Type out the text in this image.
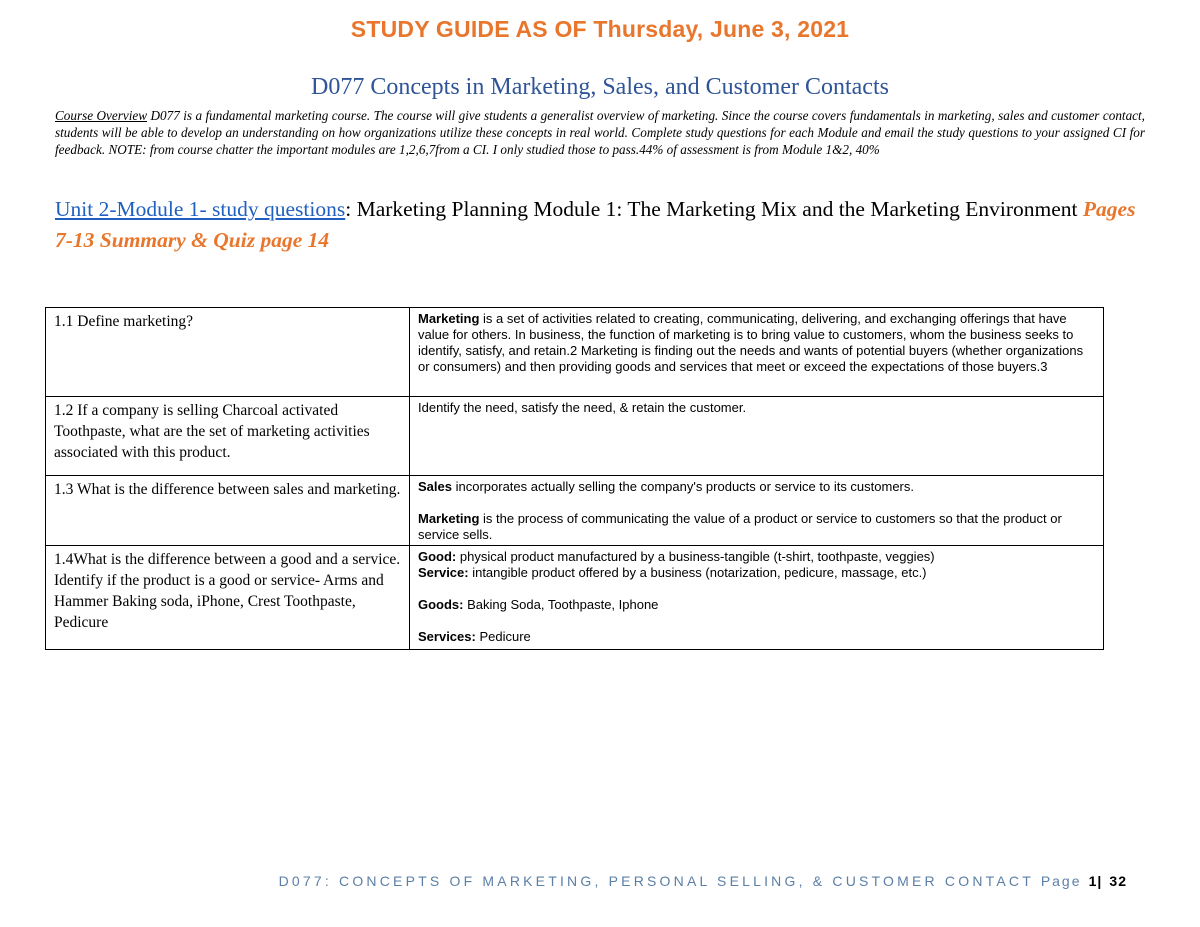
STUDY GUIDE AS OF Thursday, June 3, 2021
D077 Concepts in Marketing, Sales, and Customer Contacts
Course Overview D077 is a fundamental marketing course. The course will give students a generalist overview of marketing. Since the course covers fundamentals in marketing, sales and customer contact, students will be able to develop an understanding on how organizations utilize these concepts in real world. Complete study questions for each Module and email the study questions to your assigned CI for feedback. NOTE: from course chatter the important modules are 1,2,6,7from a CI. I only studied those to pass.44% of assessment is from Module 1&2, 40%
Unit 2-Module 1- study questions: Marketing Planning Module 1: The Marketing Mix and the Marketing Environment Pages 7-13 Summary & Quiz page 14
1.1 Define marketing?	Marketing is a set of activities related to creating, communicating, delivering, and exchanging offerings that have value for others. In business, the function of marketing is to bring value to customers, whom the business seeks to identify, satisfy, and retain.2 Marketing is finding out the needs and wants of potential buyers (whether organizations or consumers) and then providing goods and services that meet or exceed the expectations of those buyers.3

1.2 If a company is selling Charcoal activated Toothpaste, what are the set of marketing activities associated with this product.	Identify the need, satisfy the need, & retain the customer.

1.3 What is the difference between sales and marketing.	Sales incorporates actually selling the company's products or service to its customers.
Marketing is the process of communicating the value of a product or service to customers so that the product or service sells.

1.4What is the difference between a good and a service. Identify if the product is a good or service- Arms and Hammer Baking soda, iPhone, Crest Toothpaste, Pedicure	Good: physical product manufactured by a business-tangible (t-shirt, toothpaste, veggies)
Service: intangible product offered by a business (notarization, pedicure, massage, etc.)
Goods: Baking Soda, Toothpaste, Iphone
Services: Pedicure
D077: CONCEPTS OF MARKETING, PERSONAL SELLING, & CUSTOMER CONTACT Page 1| 32
